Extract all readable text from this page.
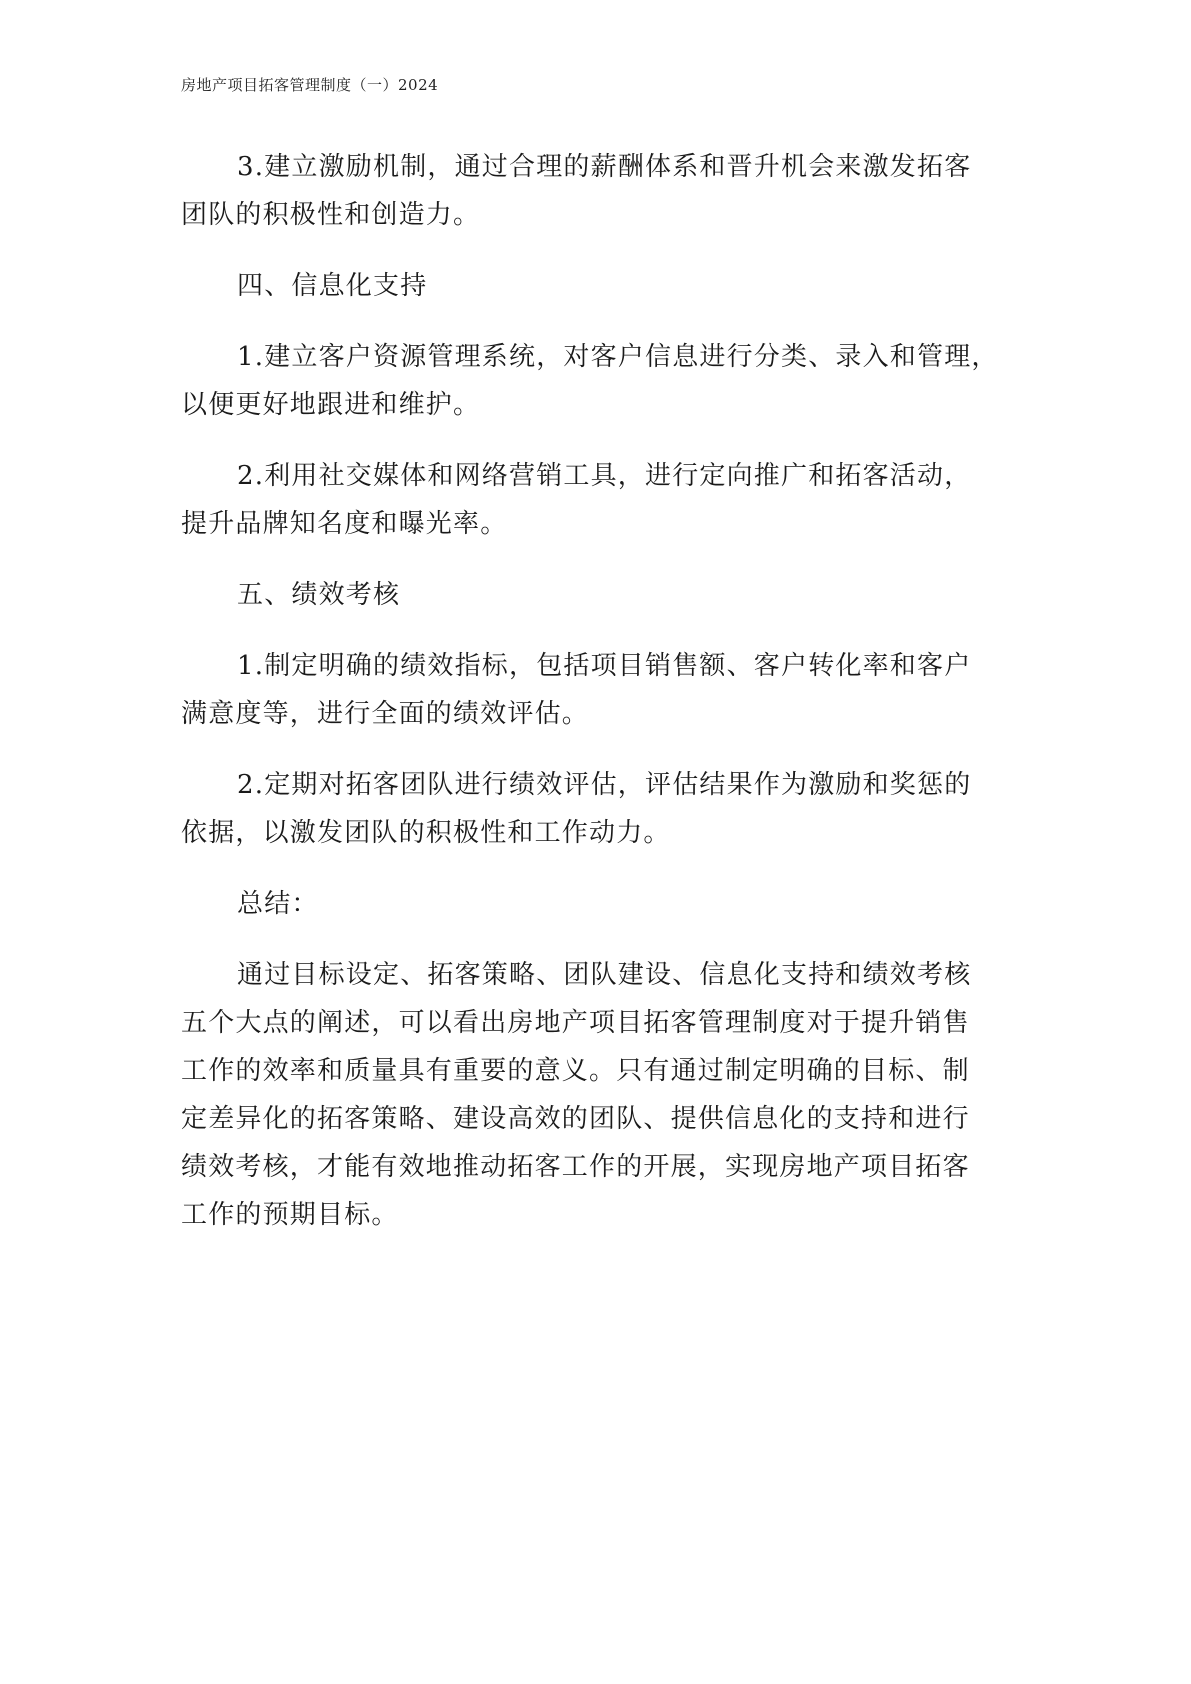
房地产项目拓客管理制度（一）2024

3.建立激励机制，通过合理的薪酬体系和晋升机会来激发拓客
团队的积极性和创造力。

四、信息化支持

1.建立客户资源管理系统，对客户信息进行分类、录入和管理，
以便更好地跟进和维护。

2.利用社交媒体和网络营销工具，进行定向推广和拓客活动，
提升品牌知名度和曝光率。

五、绩效考核

1.制定明确的绩效指标，包括项目销售额、客户转化率和客户
满意度等，进行全面的绩效评估。

2.定期对拓客团队进行绩效评估，评估结果作为激励和奖惩的
依据，以激发团队的积极性和工作动力。

总结：

通过目标设定、拓客策略、团队建设、信息化支持和绩效考核
五个大点的阐述，可以看出房地产项目拓客管理制度对于提升销售
工作的效率和质量具有重要的意义。只有通过制定明确的目标、制
定差异化的拓客策略、建设高效的团队、提供信息化的支持和进行
绩效考核，才能有效地推动拓客工作的开展，实现房地产项目拓客
工作的预期目标。
